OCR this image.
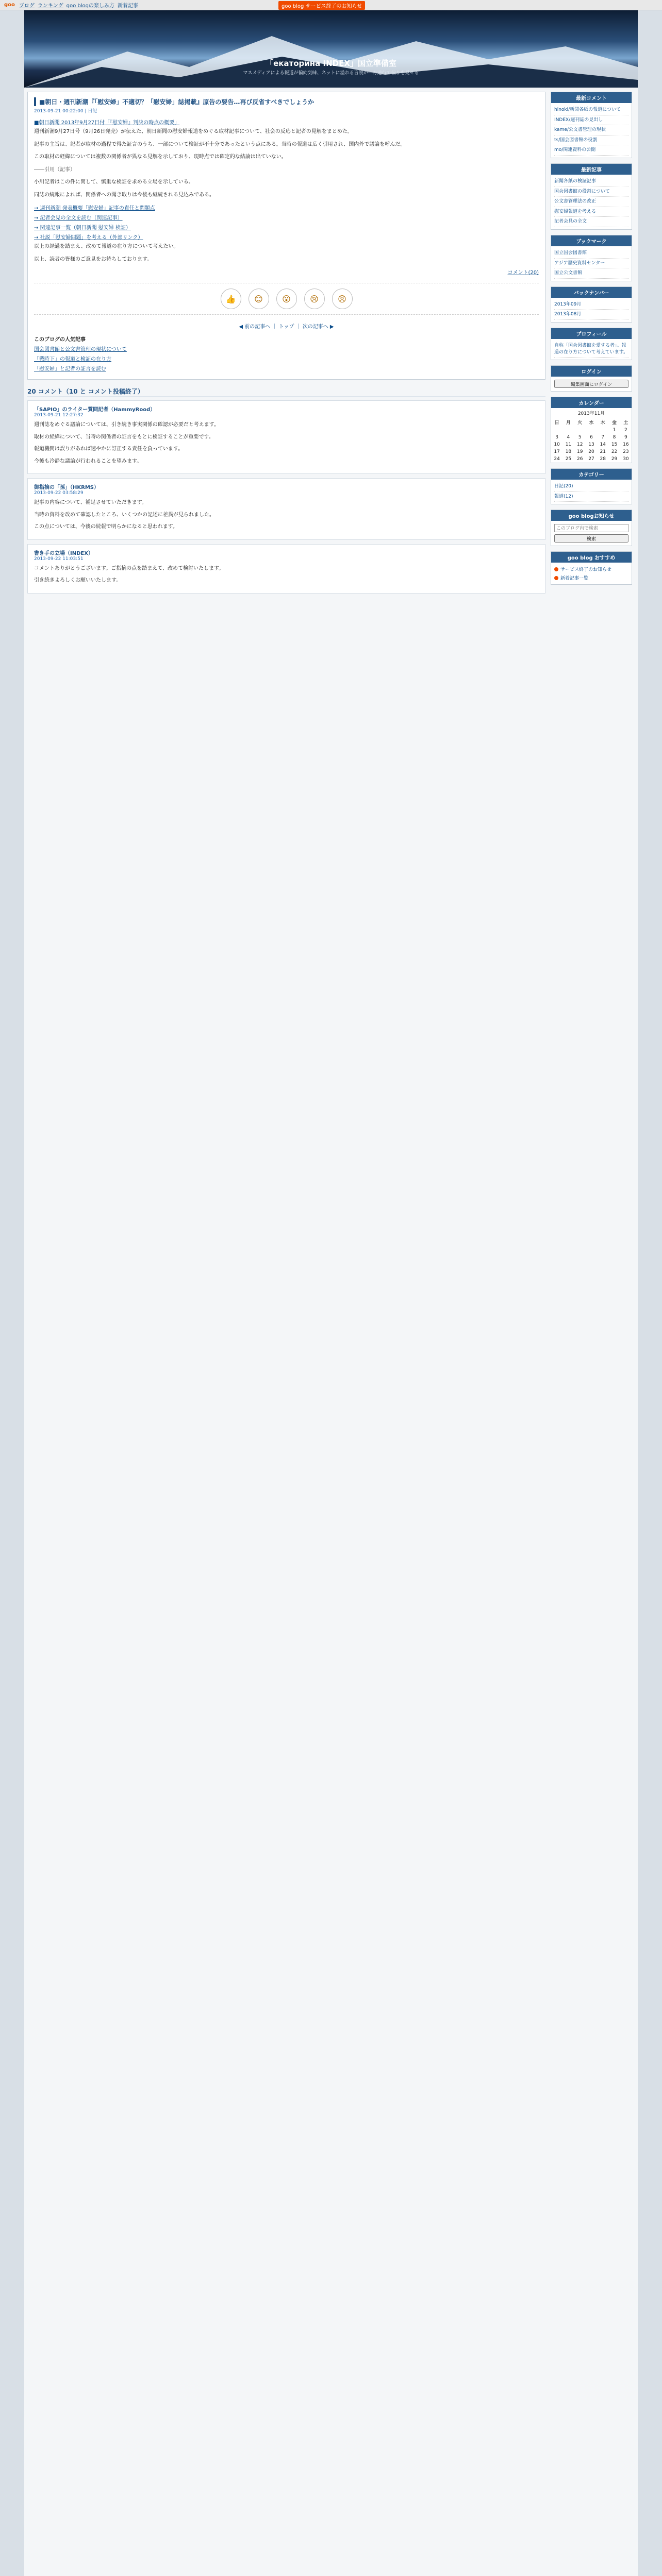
goo ブログ ランキング goo blogの楽しみ方 新着記事	goo blog サービス終了のお知らせ
「екаторина INDEX」国立準備室
マスメディアによる報道が偏向気味、ネットに溢れる言説が一方通行で偏りを見せる
■朝日・週刊新潮『「慰安婦」不適切？「慰安婦」誌掲載』原告の要告…再び反省すべきでしょうか
2013-09-21 00:22:00 | 日記
■朝日新聞 2013年9月27日付「『慰安婦』判決の時点の概要」

週刊新潮9月27日号（9月26日発売）が伝えた、朝日新聞の慰安婦報道をめぐる取材記事について、社会の反応と記者の見解をまとめた。

記事の主旨は、記者が取材の過程で得た証言のうち、一部について検証が不十分であったという点にある。当時の報道は広く引用され、国内外で議論を呼んだ。

この取材の経緯については複数の関係者が異なる見解を示しており、現時点では確定的な結論は出ていない。

――引用（記事）

小川記者はこの件に関して、慎重な検証を求める立場を示している。

同誌の続報によれば、関係者への聞き取りは今後も継続される見込みである。

→ 週刊新潮 発表概要「慰安婦」記事の責任と問題点
→ 記者会見の全文を読む（関連記事）
→ 関連記事一覧（朝日新聞 慰安婦 検証）
→ 社説「慰安婦問題」を考える（外部リンク）

以上の経過を踏まえ、改めて報道の在り方について考えたい。

以上、読者の皆様のご意見をお待ちしております。

コメント(20)
👍	😊	😮	😢	😠
◀ 前の記事へ ｜ トップ ｜ 次の記事へ ▶
このブログの人気記事
国会図書館と公文書管理の現状について
「戦時下」の報道と検証の在り方
「慰安婦」と記者の証言を読む
20 コメント（10 と コメント投稿終了）
「SAPIO」のライター質問記者（HammyRood）
2013-09-21 12:27:32

週刊誌をめぐる議論については、引き続き事実関係の確認が必要だと考えます。

取材の経緯について、当時の関係者の証言をもとに検証することが重要です。

報道機関は誤りがあれば速やかに訂正する責任を負っています。

今後も冷静な議論が行われることを望みます。

御指摘の「孫」（HKRMS）
2013-09-22 03:58:29

記事の内容について、補足させていただきます。

当時の資料を改めて確認したところ、いくつかの記述に差異が見られました。

この点については、今後の続報で明らかになると思われます。

書き手の立場（INDEX）
2013-09-22 11:03:51

コメントありがとうございます。ご指摘の点を踏まえて、改めて検討いたします。

引き続きよろしくお願いいたします。

最新コメント
hinoki/新聞各紙の報道について
INDEX/週刊誌の見出し
kame/公文書管理の現状
ts/国会図書館の役割
mo/関連資料の公開
最新記事
新聞各紙の検証記事
国会図書館の役割について
公文書管理法の改正
慰安婦報道を考える
記者会見の全文
ブックマーク
国立国会図書館
アジア歴史資料センター
国立公文書館
バックナンバー
2013年09月
2013年08月
プロフィール
自称「国会図書館を愛する者」。報道の在り方について考えています。
ログイン
編集画面にログイン
カレンダー
2013年11月
日	月	火	水	木	金	土
					1	2
3	4	5	6	7	8	9
10	11	12	13	14	15	16
17	18	19	20	21	22	23
24	25	26	27	28	29	30
カテゴリー
日記(20)
報道(12)
goo blogお知らせ
このブログ内で検索
検索
goo blog おすすめ
サービス終了のお知らせ
新着記事一覧
